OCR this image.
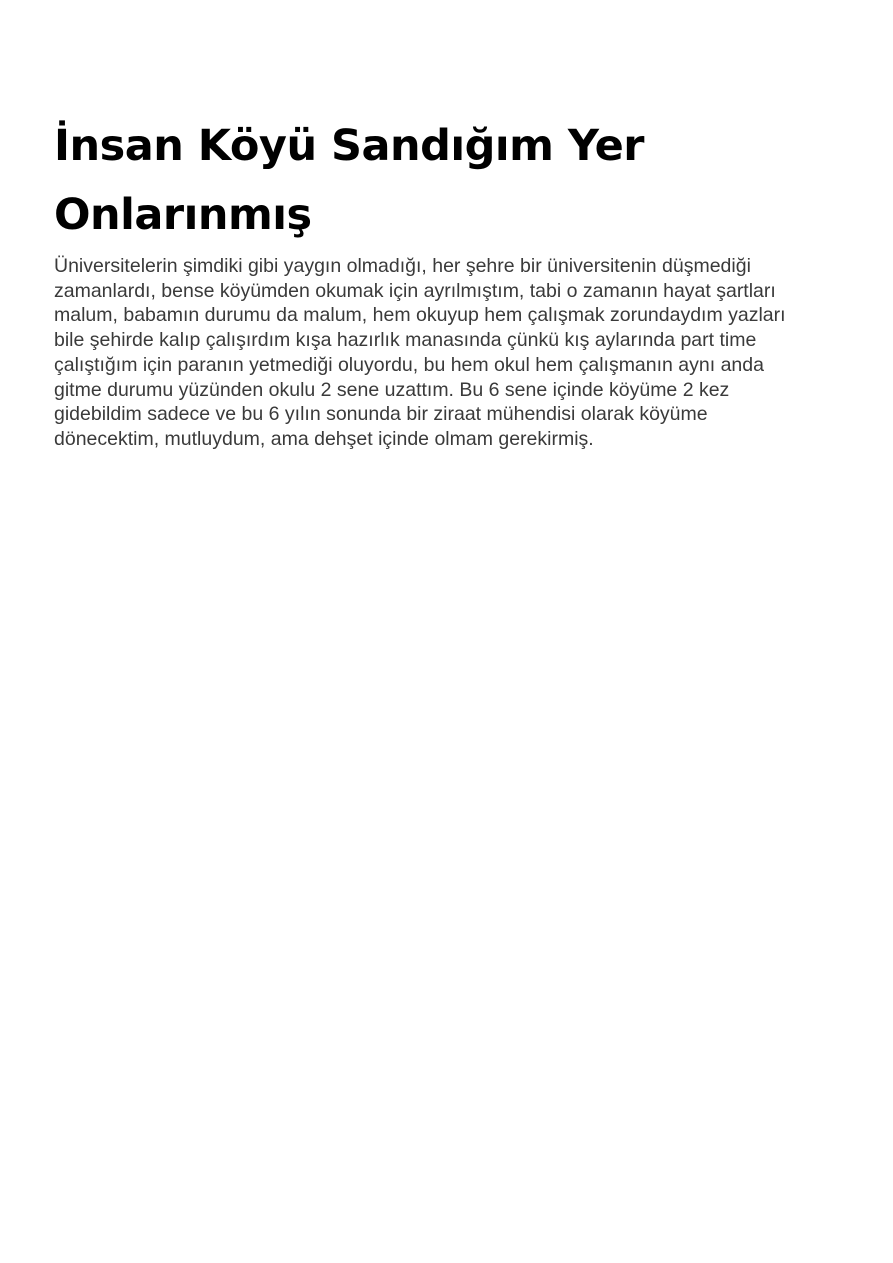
İnsan Köyü Sandığım Yer
Onlarınmış

Üniversitelerin şimdiki gibi yaygın olmadığı, her şehre bir üniversitenin düşmediği
zamanlardı, bense köyümden okumak için ayrılmıştım, tabi o zamanın hayat şartları
malum, babamın durumu da malum, hem okuyup hem çalışmak zorundaydım yazları
bile şehirde kalıp çalışırdım kışa hazırlık manasında çünkü kış aylarında part time
çalıştığım için paranın yetmediği oluyordu, bu hem okul hem çalışmanın aynı anda
gitme durumu yüzünden okulu 2 sene uzattım. Bu 6 sene içinde köyüme 2 kez
gidebildim sadece ve bu 6 yılın sonunda bir ziraat mühendisi olarak köyüme
dönecektim, mutluydum, ama dehşet içinde olmam gerekirmiş.
